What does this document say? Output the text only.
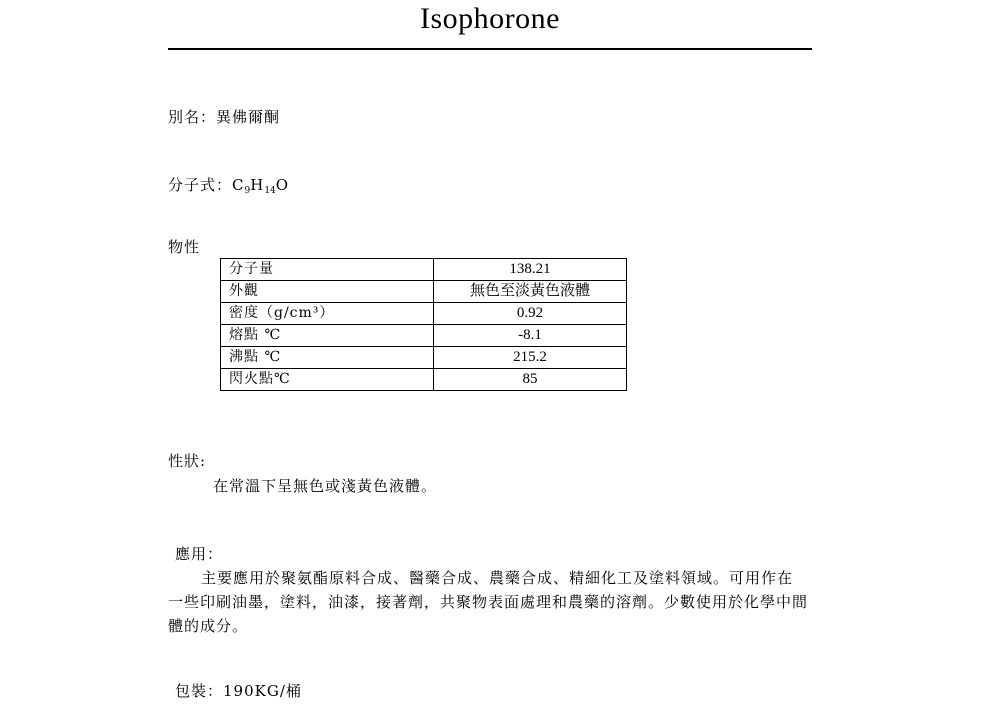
Isophorone
別名：異佛爾酮
分子式：$C_9H_{14}O$
物性
分子量	138.21
外觀	無色至淡黃色液體
密度（g/cm³）	0.92
熔點 ℃	-8.1
沸點 ℃	215.2
閃火點℃	85
性狀:
在常溫下呈無色或淺黃色液體。
應用：
主要應用於聚氨酯原料合成、醫藥合成、農藥合成、精細化工及塗料領域。可用作在一些印刷油墨，塗料，油漆，接著劑，共聚物表面處理和農藥的溶劑。少數使用於化學中間體的成分。
包裝：190KG/桶
